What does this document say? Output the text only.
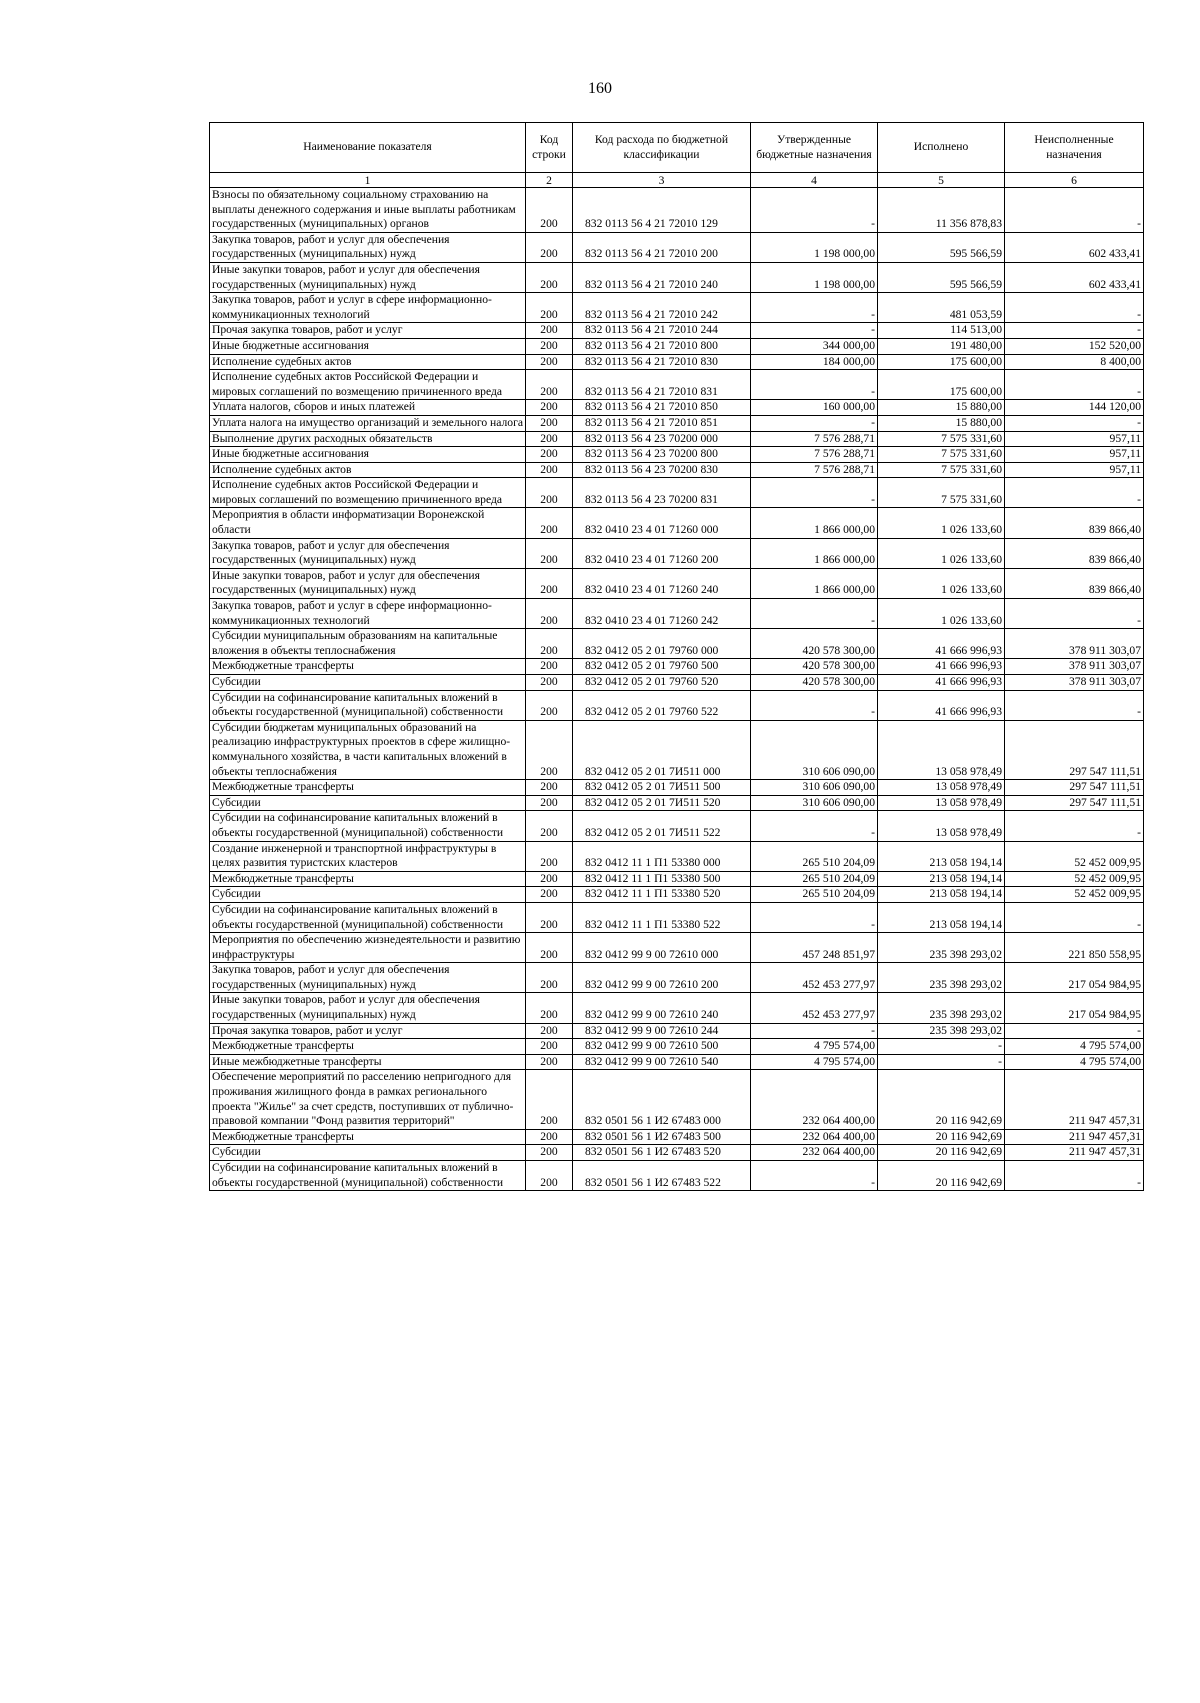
160
Наименование показателя	Код строки	Код расхода по бюджетной классификации	Утвержденные бюджетные назначения	Исполнено	Неисполненные назначения
1	2	3	4	5	6
Взносы по обязательному социальному страхованию на выплаты денежного содержания и иные выплаты работникам государственных (муниципальных) органов	200	832 0113 56 4 21 72010 129	-	11 356 878,83	-
Закупка товаров, работ и услуг для обеспечения государственных (муниципальных) нужд	200	832 0113 56 4 21 72010 200	1 198 000,00	595 566,59	602 433,41
Иные закупки товаров, работ и услуг для обеспечения государственных (муниципальных) нужд	200	832 0113 56 4 21 72010 240	1 198 000,00	595 566,59	602 433,41
Закупка товаров, работ и услуг в сфере информационно-коммуникационных технологий	200	832 0113 56 4 21 72010 242	-	481 053,59	-
Прочая закупка товаров, работ и услуг	200	832 0113 56 4 21 72010 244	-	114 513,00	-
Иные бюджетные ассигнования	200	832 0113 56 4 21 72010 800	344 000,00	191 480,00	152 520,00
Исполнение судебных актов	200	832 0113 56 4 21 72010 830	184 000,00	175 600,00	8 400,00
Исполнение судебных актов Российской Федерации и мировых соглашений по возмещению причиненного вреда	200	832 0113 56 4 21 72010 831	-	175 600,00	-
Уплата налогов, сборов и иных платежей	200	832 0113 56 4 21 72010 850	160 000,00	15 880,00	144 120,00
Уплата налога на имущество организаций и земельного налога	200	832 0113 56 4 21 72010 851	-	15 880,00	-
Выполнение других расходных обязательств	200	832 0113 56 4 23 70200 000	7 576 288,71	7 575 331,60	957,11
Иные бюджетные ассигнования	200	832 0113 56 4 23 70200 800	7 576 288,71	7 575 331,60	957,11
Исполнение судебных актов	200	832 0113 56 4 23 70200 830	7 576 288,71	7 575 331,60	957,11
Исполнение судебных актов Российской Федерации и мировых соглашений по возмещению причиненного вреда	200	832 0113 56 4 23 70200 831	-	7 575 331,60	-
Мероприятия в области информатизации Воронежской области	200	832 0410 23 4 01 71260 000	1 866 000,00	1 026 133,60	839 866,40
Закупка товаров, работ и услуг для обеспечения государственных (муниципальных) нужд	200	832 0410 23 4 01 71260 200	1 866 000,00	1 026 133,60	839 866,40
Иные закупки товаров, работ и услуг для обеспечения государственных (муниципальных) нужд	200	832 0410 23 4 01 71260 240	1 866 000,00	1 026 133,60	839 866,40
Закупка товаров, работ и услуг в сфере информационно-коммуникационных технологий	200	832 0410 23 4 01 71260 242	-	1 026 133,60	-
Субсидии муниципальным образованиям на капитальные вложения в объекты теплоснабжения	200	832 0412 05 2 01 79760 000	420 578 300,00	41 666 996,93	378 911 303,07
Межбюджетные трансферты	200	832 0412 05 2 01 79760 500	420 578 300,00	41 666 996,93	378 911 303,07
Субсидии	200	832 0412 05 2 01 79760 520	420 578 300,00	41 666 996,93	378 911 303,07
Субсидии на софинансирование капитальных вложений в объекты государственной (муниципальной) собственности	200	832 0412 05 2 01 79760 522	-	41 666 996,93	-
Субсидии бюджетам муниципальных образований на реализацию инфраструктурных проектов в сфере жилищно-коммунального хозяйства, в части капитальных вложений в объекты теплоснабжения	200	832 0412 05 2 01 7И511 000	310 606 090,00	13 058 978,49	297 547 111,51
Межбюджетные трансферты	200	832 0412 05 2 01 7И511 500	310 606 090,00	13 058 978,49	297 547 111,51
Субсидии	200	832 0412 05 2 01 7И511 520	310 606 090,00	13 058 978,49	297 547 111,51
Субсидии на софинансирование капитальных вложений в объекты государственной (муниципальной) собственности	200	832 0412 05 2 01 7И511 522	-	13 058 978,49	-
Создание инженерной и транспортной инфраструктуры в целях развития туристских кластеров	200	832 0412 11 1 П1 53380 000	265 510 204,09	213 058 194,14	52 452 009,95
Межбюджетные трансферты	200	832 0412 11 1 П1 53380 500	265 510 204,09	213 058 194,14	52 452 009,95
Субсидии	200	832 0412 11 1 П1 53380 520	265 510 204,09	213 058 194,14	52 452 009,95
Субсидии на софинансирование капитальных вложений в объекты государственной (муниципальной) собственности	200	832 0412 11 1 П1 53380 522	-	213 058 194,14	-
Мероприятия по обеспечению жизнедеятельности и развитию инфраструктуры	200	832 0412 99 9 00 72610 000	457 248 851,97	235 398 293,02	221 850 558,95
Закупка товаров, работ и услуг для обеспечения государственных (муниципальных) нужд	200	832 0412 99 9 00 72610 200	452 453 277,97	235 398 293,02	217 054 984,95
Иные закупки товаров, работ и услуг для обеспечения государственных (муниципальных) нужд	200	832 0412 99 9 00 72610 240	452 453 277,97	235 398 293,02	217 054 984,95
Прочая закупка товаров, работ и услуг	200	832 0412 99 9 00 72610 244	-	235 398 293,02	-
Межбюджетные трансферты	200	832 0412 99 9 00 72610 500	4 795 574,00	-	4 795 574,00
Иные межбюджетные трансферты	200	832 0412 99 9 00 72610 540	4 795 574,00	-	4 795 574,00
Обеспечение мероприятий по расселению непригодного для проживания жилищного фонда в рамках регионального проекта "Жилье" за счет средств, поступивших от публично-правовой компании "Фонд развития территорий"	200	832 0501 56 1 И2 67483 000	232 064 400,00	20 116 942,69	211 947 457,31
Межбюджетные трансферты	200	832 0501 56 1 И2 67483 500	232 064 400,00	20 116 942,69	211 947 457,31
Субсидии	200	832 0501 56 1 И2 67483 520	232 064 400,00	20 116 942,69	211 947 457,31
Субсидии на софинансирование капитальных вложений в объекты государственной (муниципальной) собственности	200	832 0501 56 1 И2 67483 522	-	20 116 942,69	-
